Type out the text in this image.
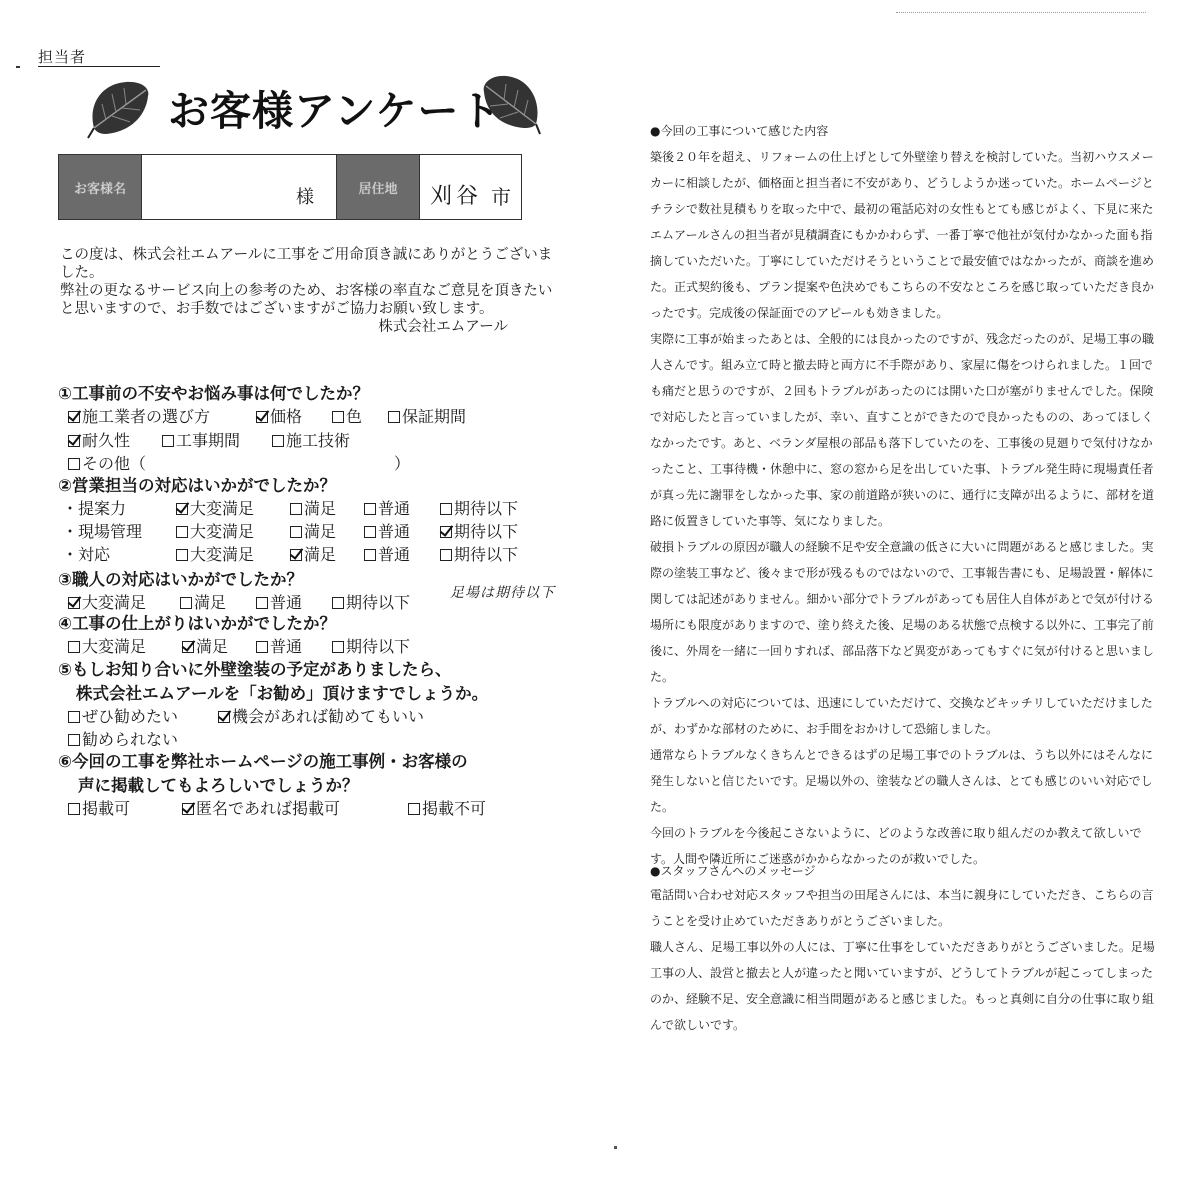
担当者
お客様アンケート
お客様名	様	居住地 刈谷 市

この度は、株式会社エムアールに工事をご用命頂き誠にありがとうございました。

弊社の更なるサービス向上の参考のため、お客様の率直なご意見を頂きたいと思いますので、お手数ではございますがご協力お願い致します。

株式会社エムアール

①工事前の不安やお悩み事は何でしたか？
施工業者の選び方	価格	色	保証期間
耐久性	工事期間	施工技術
その他（	）
②営業担当の対応はいかがでしたか？
・提案力	大変満足	満足	普通	期待以下
・現場管理	大変満足	満足	普通	期待以下
・対応	大変満足	満足	普通	期待以下
③職人の対応はいかがでしたか？
大変満足	満足	普通	期待以下	足場は期待以下
④工事の仕上がりはいかがでしたか？
大変満足	満足	普通	期待以下
⑤もしお知り合いに外壁塗装の予定がありましたら、
株式会社エムアールを「お勧め」頂けますでしょうか。
ぜひ勧めたい	機会があれば勧めてもいい
勧められない
⑥今回の工事を弊社ホームページの施工事例・お客様の
声に掲載してもよろしいでしょうか？
掲載可	匿名であれば掲載可	掲載不可
●今回の工事について感じた内容

築後２０年を超え、リフォームの仕上げとして外壁塗り替えを検討していた。当初ハウスメーカーに相談したが、価格面と担当者に不安があり、どうしようか迷っていた。ホームページとチラシで数社見積もりを取った中で、最初の電話応対の女性もとても感じがよく、下見に来たエムアールさんの担当者が見積調査にもかかわらず、一番丁寧で他社が気付かなかった面も指摘していただいた。丁寧にしていただけそうということで最安値ではなかったが、商談を進めた。正式契約後も、プラン提案や色決めでもこちらの不安なところを感じ取っていただき良かったです。完成後の保証面でのアピールも効きました。

実際に工事が始まったあとは、全般的には良かったのですが、残念だったのが、足場工事の職人さんです。組み立て時と撤去時と両方に不手際があり、家屋に傷をつけられました。１回でも痛だと思うのですが、２回もトラブルがあったのには開いた口が塞がりませんでした。保険で対応したと言っていましたが、幸い、直すことができたので良かったものの、あってほしくなかったです。あと、ベランダ屋根の部品も落下していたのを、工事後の見廻りで気付けなかったこと、工事待機・休憩中に、窓の窓から足を出していた事、トラブル発生時に現場責任者が真っ先に謝罪をしなかった事、家の前道路が狭いのに、通行に支障が出るように、部材を道路に仮置きしていた事等、気になりました。

破損トラブルの原因が職人の経験不足や安全意識の低さに大いに問題があると感じました。実際の塗装工事など、後々まで形が残るものではないので、工事報告書にも、足場設置・解体に関しては記述がありません。細かい部分でトラブルがあっても居住人自体があとで気が付ける場所にも限度がありますので、塗り終えた後、足場のある状態で点検する以外に、工事完了前後に、外周を一緒に一回りすれば、部品落下など異変があってもすぐに気が付けると思いました。

トラブルへの対応については、迅速にしていただけて、交換などキッチリしていただけましたが、わずかな部材のために、お手間をおかけして恐縮しました。

通常ならトラブルなくきちんとできるはずの足場工事でのトラブルは、うち以外にはそんなに発生しないと信じたいです。足場以外の、塗装などの職人さんは、とても感じのいい対応でした。

今回のトラブルを今後起こさないように、どのような改善に取り組んだのか教えて欲しいです。人間や隣近所にご迷惑がかからなかったのが救いでした。

●スタッフさんへのメッセージ

電話問い合わせ対応スタッフや担当の田尾さんには、本当に親身にしていただき、こちらの言うことを受け止めていただきありがとうございました。

職人さん、足場工事以外の人には、丁寧に仕事をしていただきありがとうございました。足場工事の人、設営と撤去と人が違ったと聞いていますが、どうしてトラブルが起こってしまったのか、経験不足、安全意識に相当問題があると感じました。もっと真剣に自分の仕事に取り組んで欲しいです。
